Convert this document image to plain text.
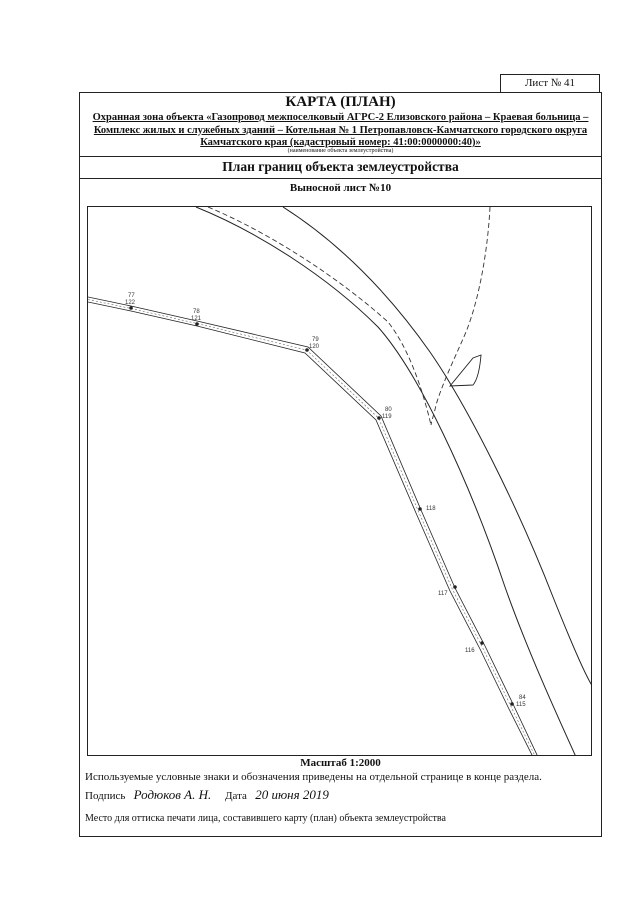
Лист № 41
КАРТА (ПЛАН)
Охранная зона объекта «Газопровод межпоселковый АГРС-2 Елизовского района – Краевая больница – Комплекс жилых и служебных зданий – Котельная № 1 Петропавловск-Камчатского городского округа Камчатского края (кадастровый номер: 41:00:0000000:40)»
(наименование объекта землеустройства)
План границ объекта землеустройства
Выносной лист №10
77
122
78
121
79
120
80
119
118
117
116
84
115
Масштаб 1:2000
Используемые условные знаки и обозначения приведены на отдельной странице в конце раздела.
Подпись Родюков А. Н. Дата 20 июня 2019
Место для оттиска печати лица, составившего карту (план) объекта землеустройства
